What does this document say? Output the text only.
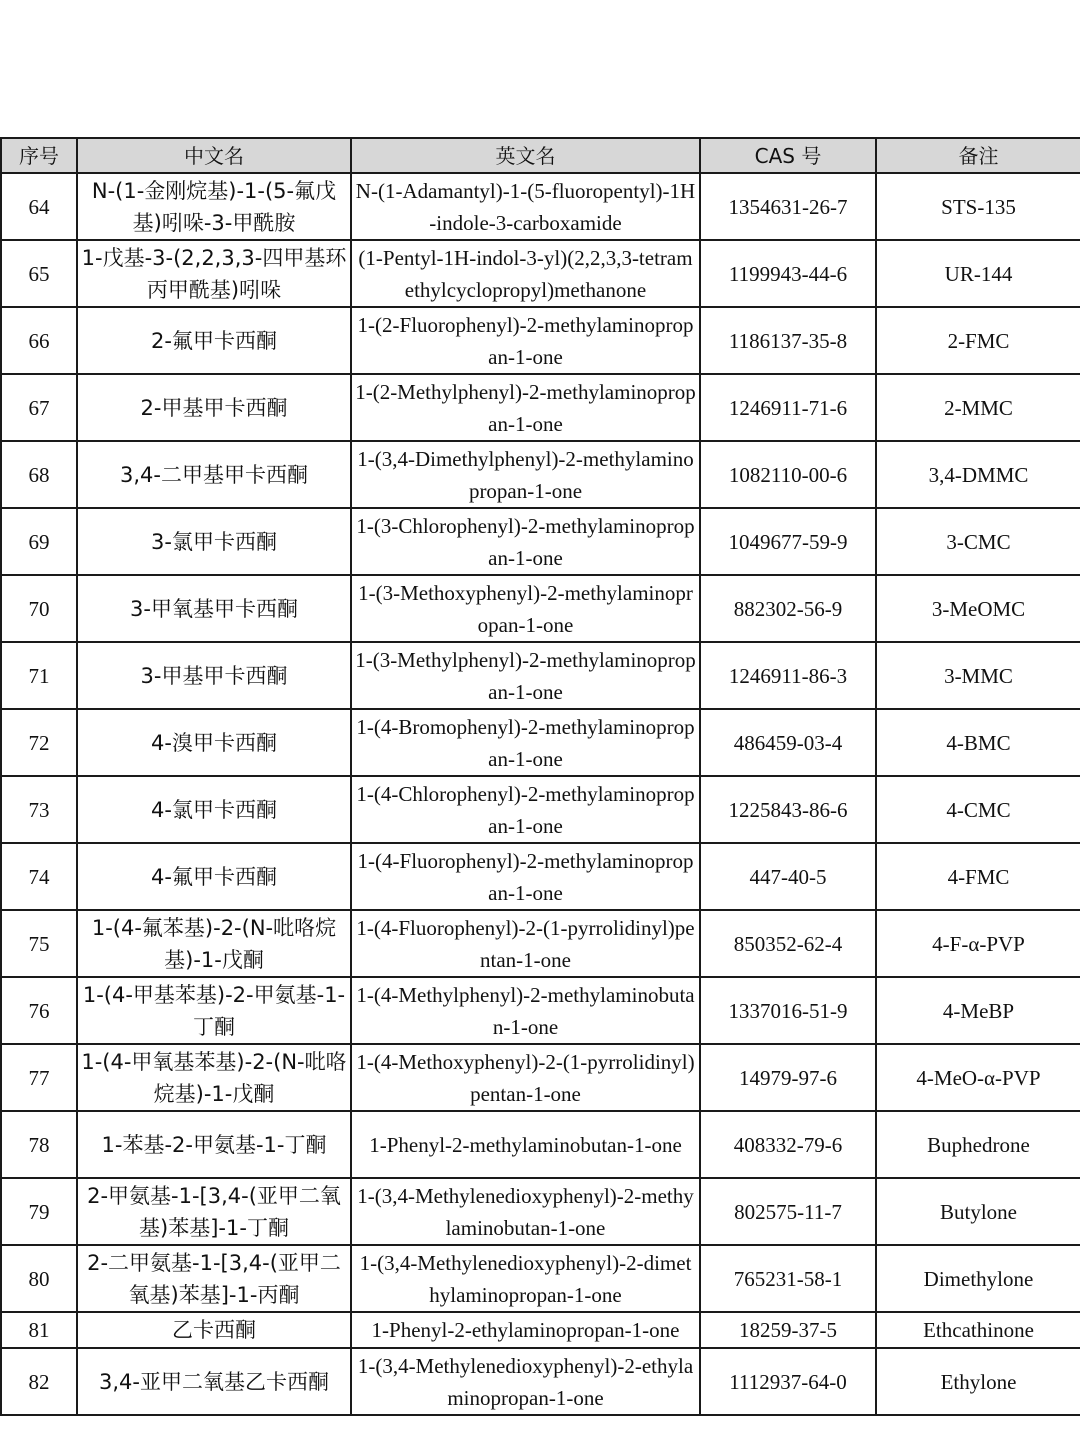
序号	中文名	英文名	CAS 号	备注
64	N-(1-金刚烷基)-1-(5-氟戊基)吲哚-3-甲酰胺	N-(1-Adamantyl)-1-(5-fluoropentyl)-1H-indole-3-carboxamide	1354631-26-7	STS-135
65	1-戊基-3-(2,2,3,3-四甲基环丙甲酰基)吲哚	(1-Pentyl-1H-indol-3-yl)(2,2,3,3-tetramethylcyclopropyl)methanone	1199943-44-6	UR-144
66	2-氟甲卡西酮	1-(2-Fluorophenyl)-2-methylaminopropan-1-one	1186137-35-8	2-FMC
67	2-甲基甲卡西酮	1-(2-Methylphenyl)-2-methylaminopropan-1-one	1246911-71-6	2-MMC
68	3,4-二甲基甲卡西酮	1-(3,4-Dimethylphenyl)-2-methylaminopropan-1-one	1082110-00-6	3,4-DMMC
69	3-氯甲卡西酮	1-(3-Chlorophenyl)-2-methylaminopropan-1-one	1049677-59-9	3-CMC
70	3-甲氧基甲卡西酮	1-(3-Methoxyphenyl)-2-methylaminopropan-1-one	882302-56-9	3-MeOMC
71	3-甲基甲卡西酮	1-(3-Methylphenyl)-2-methylaminopropan-1-one	1246911-86-3	3-MMC
72	4-溴甲卡西酮	1-(4-Bromophenyl)-2-methylaminopropan-1-one	486459-03-4	4-BMC
73	4-氯甲卡西酮	1-(4-Chlorophenyl)-2-methylaminopropan-1-one	1225843-86-6	4-CMC
74	4-氟甲卡西酮	1-(4-Fluorophenyl)-2-methylaminopropan-1-one	447-40-5	4-FMC
75	1-(4-氟苯基)-2-(N-吡咯烷基)-1-戊酮	1-(4-Fluorophenyl)-2-(1-pyrrolidinyl)pentan-1-one	850352-62-4	4-F-α-PVP
76	1-(4-甲基苯基)-2-甲氨基-1-丁酮	1-(4-Methylphenyl)-2-methylaminobutan-1-one	1337016-51-9	4-MeBP
77	1-(4-甲氧基苯基)-2-(N-吡咯烷基)-1-戊酮	1-(4-Methoxyphenyl)-2-(1-pyrrolidinyl)pentan-1-one	14979-97-6	4-MeO-α-PVP
78	1-苯基-2-甲氨基-1-丁酮	1-Phenyl-2-methylaminobutan-1-one	408332-79-6	Buphedrone
79	2-甲氨基-1-[3,4-(亚甲二氧基)苯基]-1-丁酮	1-(3,4-Methylenedioxyphenyl)-2-methylaminobutan-1-one	802575-11-7	Butylone
80	2-二甲氨基-1-[3,4-(亚甲二氧基)苯基]-1-丙酮	1-(3,4-Methylenedioxyphenyl)-2-dimethylaminopropan-1-one	765231-58-1	Dimethylone
81	乙卡西酮	1-Phenyl-2-ethylaminopropan-1-one	18259-37-5	Ethcathinone
82	3,4-亚甲二氧基乙卡西酮	1-(3,4-Methylenedioxyphenyl)-2-ethylaminopropan-1-one	1112937-64-0	Ethylone
